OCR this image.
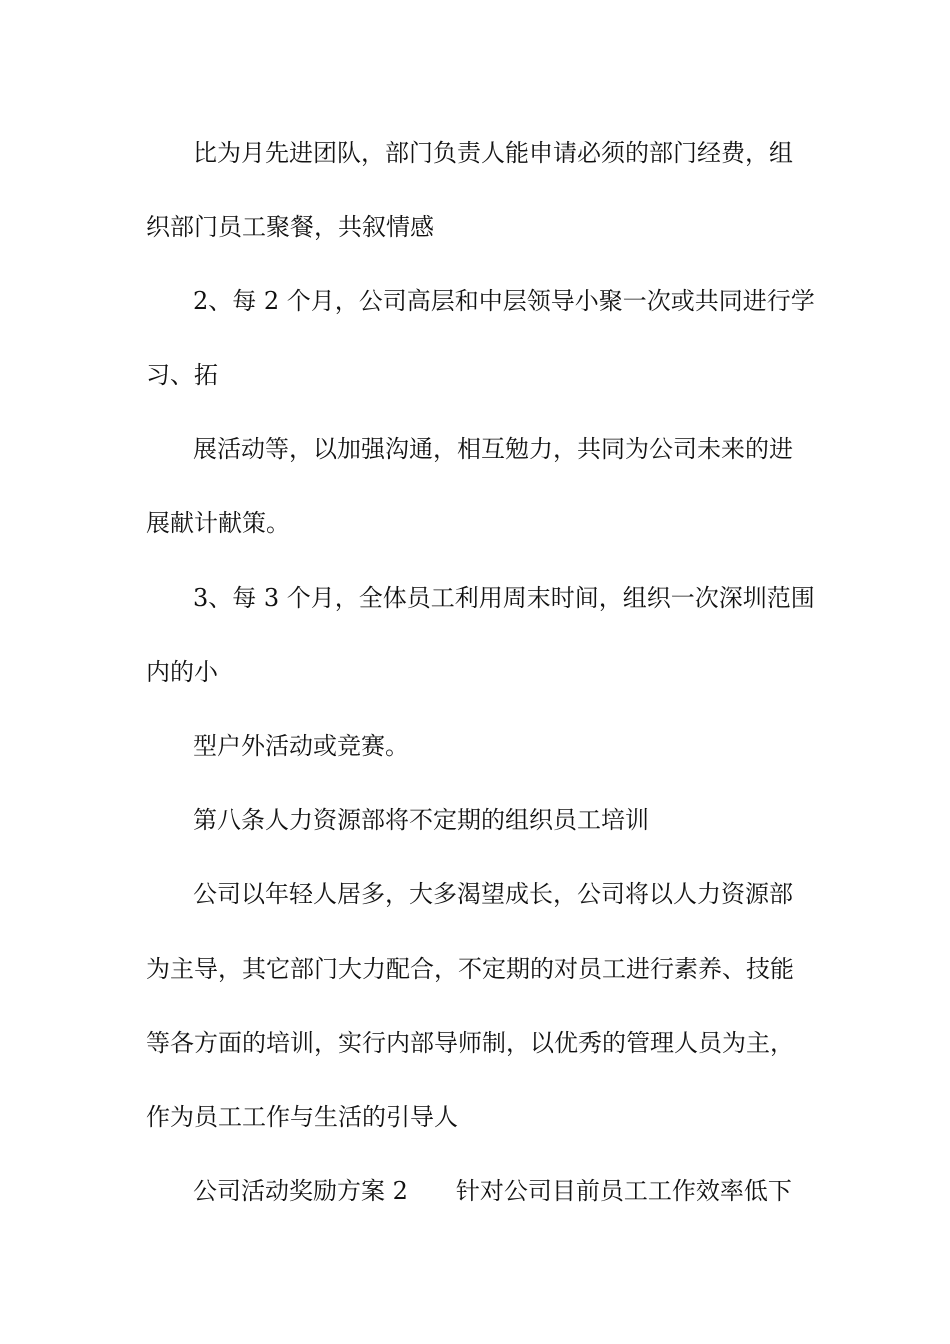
比为月先进团队，部门负责人能申请必须的部门经费，组
织部门员工聚餐，共叙情感
2、每 2 个月，公司高层和中层领导小聚一次或共同进行学
习、拓
展活动等，以加强沟通，相互勉力，共同为公司未来的进
展献计献策。
3、每 3 个月，全体员工利用周末时间，组织一次深圳范围
内的小
型户外活动或竞赛。
第八条人力资源部将不定期的组织员工培训
公司以年轻人居多，大多渴望成长，公司将以人力资源部
为主导，其它部门大力配合，不定期的对员工进行素养、技能
等各方面的培训，实行内部导师制，以优秀的管理人员为主，
作为员工工作与生活的引导人
公司活动奖励方案 2　　针对公司目前员工工作效率低下
